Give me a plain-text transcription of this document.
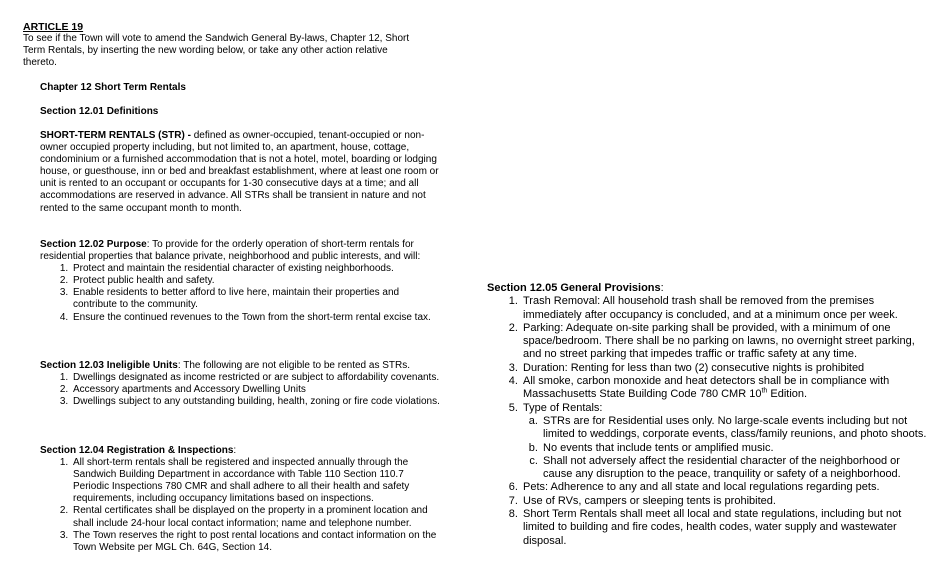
ARTICLE 19
To see if the Town will vote to amend the Sandwich General By-laws, Chapter 12, Short Term Rentals, by inserting the new wording below, or take any other action relative thereto.
Chapter 12 Short Term Rentals
Section 12.01 Definitions
SHORT-TERM RENTALS (STR) - defined as owner-occupied, tenant-occupied or non-owner occupied property including, but not limited to, an apartment, house, cottage, condominium or a furnished accommodation that is not a hotel, motel, boarding or lodging house, or guesthouse, inn or bed and breakfast establishment, where at least one room or unit is rented to an occupant or occupants for 1-30 consecutive days at a time; and all accommodations are reserved in advance. All STRs shall be transient in nature and not rented to the same occupant month to month.

Section 12.02 Purpose: To provide for the orderly operation of short-term rentals for residential properties that balance private, neighborhood and public interests, and will:

1. Protect and maintain the residential character of existing neighborhoods.
2. Protect public health and safety.
3. Enable residents to better afford to live here, maintain their properties and contribute to the community.
4. Ensure the continued revenues to the Town from the short-term rental excise tax.

Section 12.03 Ineligible Units: The following are not eligible to be rented as STRs.

1. Dwellings designated as income restricted or are subject to affordability covenants.
2. Accessory apartments and Accessory Dwelling Units
3. Dwellings subject to any outstanding building, health, zoning or fire code violations.

Section 12.04 Registration & Inspections:

1. All short-term rentals shall be registered and inspected annually through the Sandwich Building Department in accordance with Table 110 Section 110.7 Periodic Inspections 780 CMR and shall adhere to all their health and safety requirements, including occupancy limitations based on inspections.
2. Rental certificates shall be displayed on the property in a prominent location and shall include 24-hour local contact information; name and telephone number.
3. The Town reserves the right to post rental locations and contact information on the Town Website per MGL Ch. 64G, Section 14.

Section 12.05 General Provisions:

1. Trash Removal: All household trash shall be removed from the premises immediately after occupancy is concluded, and at a minimum once per week.
2. Parking: Adequate on-site parking shall be provided, with a minimum of one space/bedroom. There shall be no parking on lawns, no overnight street parking, and no street parking that impedes traffic or traffic safety at any time.
3. Duration: Renting for less than two (2) consecutive nights is prohibited
4. All smoke, carbon monoxide and heat detectors shall be in compliance with Massachusetts State Building Code 780 CMR 10th Edition.
5. Type of Rentals:
a. STRs are for Residential uses only. No large-scale events including but not limited to weddings, corporate events, class/family reunions, and photo shoots.
b. No events that include tents or amplified music.
c. Shall not adversely affect the residential character of the neighborhood or cause any disruption to the peace, tranquility or safety of a neighborhood.
6. Pets: Adherence to any and all state and local regulations regarding pets.
7. Use of RVs, campers or sleeping tents is prohibited.
8. Short Term Rentals shall meet all local and state regulations, including but not limited to building and fire codes, health codes, water supply and wastewater disposal.
